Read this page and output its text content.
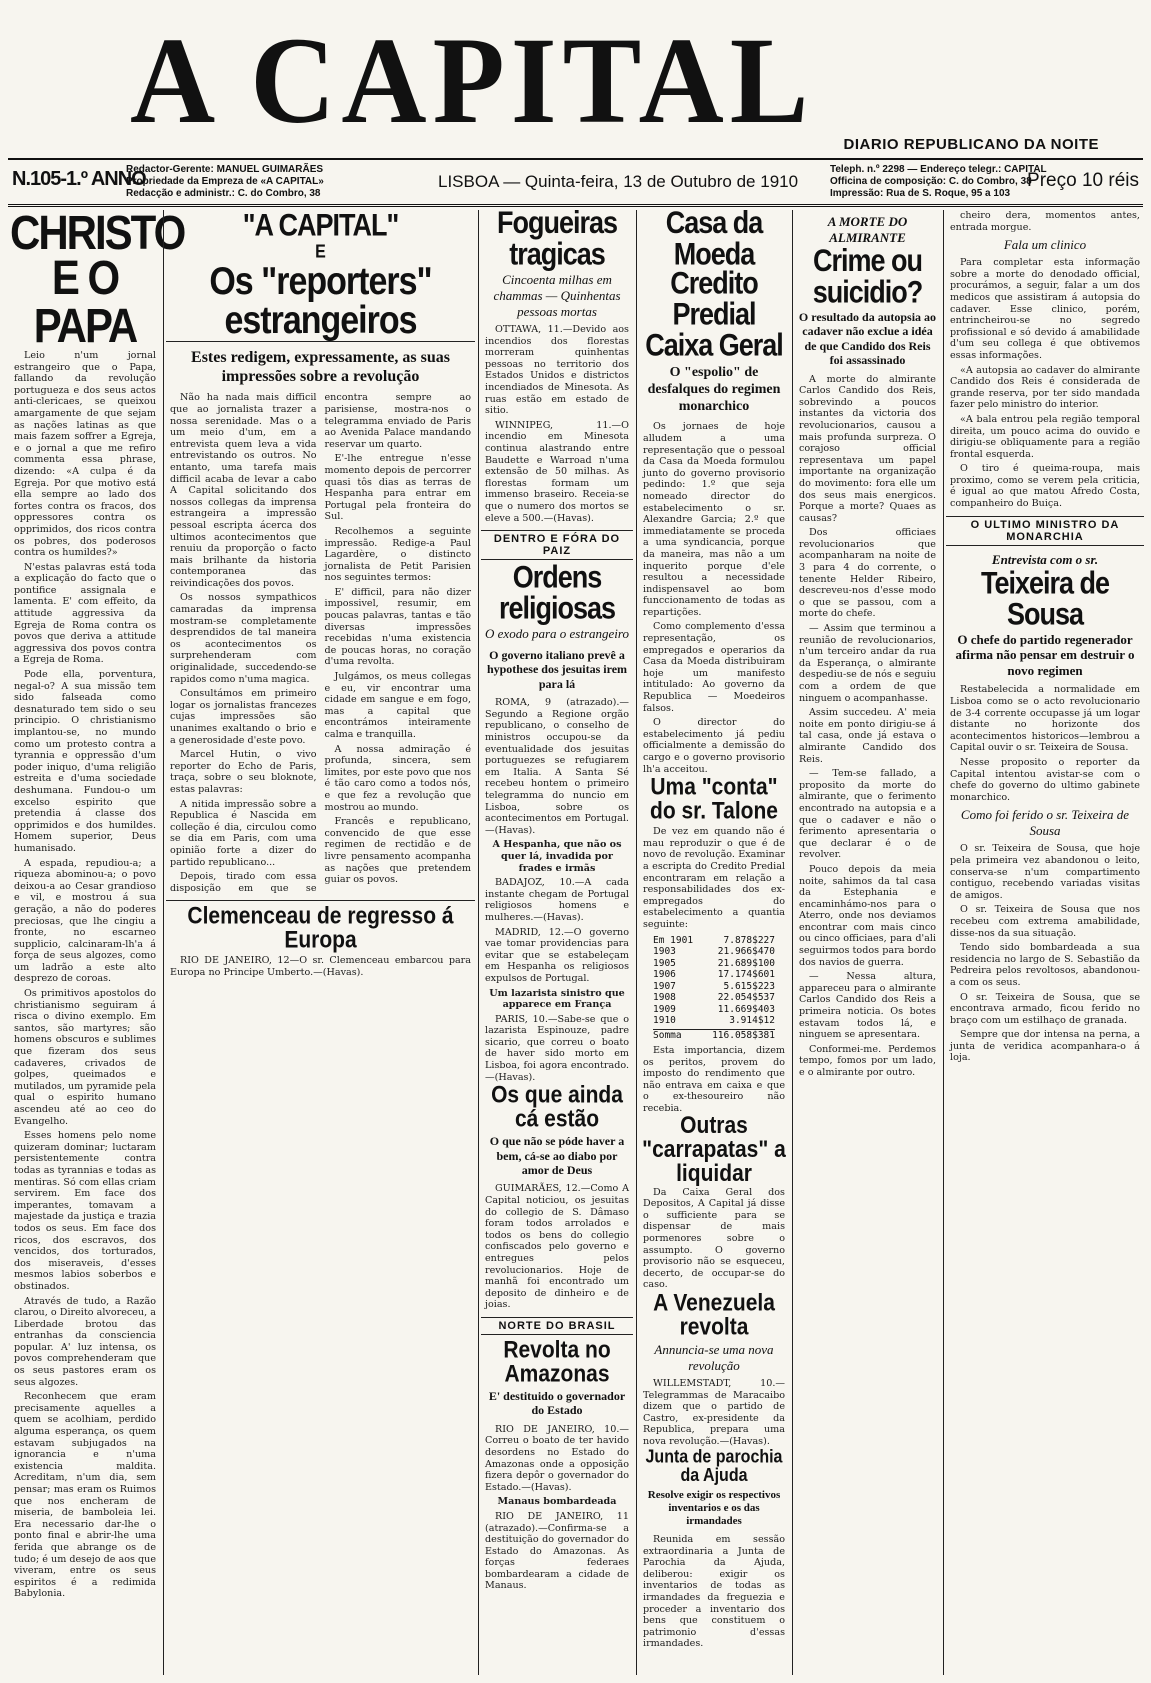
A CAPITAL DIARIO REPUBLICANO DA NOITE
N.105-1.º ANNO
Redactor-Gerente: MANUEL GUIMARÃES
Propriedade da Empreza de «A CAPITAL»
Redacção e administr.: C. do Combro, 38
LISBOA — Quinta-feira, 13 de Outubro de 1910
Teleph. n.º 2298 — Endereço telegr.: CAPITAL
Officina de composição: C. do Combro, 38
Impressão: Rua de S. Roque, 95 a 103
Preço 10 réis
CHRISTO
E O PAPA

Leio n'um jornal estrangeiro que o Papa, fallando da revolução portugueza e dos seus actos anti-clericaes, se queixou amargamente de que sejam as nações latinas as que mais fazem soffrer a Egreja, e o jornal a que me refiro commenta essa phrase, dizendo: «A culpa é da Egreja. Por que motivo está ella sempre ao lado dos fortes contra os fracos, dos oppressores contra os opprimidos, dos ricos contra os pobres, dos poderosos contra os humildes?»

N'estas palavras está toda a explicação do facto que o pontifice assignala e lamenta. E' com effeito, da attitude aggressiva da Egreja de Roma contra os povos que deriva a attitude aggressiva dos povos contra a Egreja de Roma.

Pode ella, porventura, negal-o? A sua missão tem sido falseada como desnaturado tem sido o seu principio. O christianismo implantou-se, no mundo como um protesto contra a tyrannia e oppressão d'um poder iniquo, d'uma religião estreita e d'uma sociedade deshumana. Fundou-o um excelso espirito que pretendia á classe dos opprimidos e dos humildes. Homem superior, Deus humanisado.

A espada, repudiou-a; a riqueza abominou-a; o povo deixou-a ao Cesar grandioso e vil, e mostrou á sua geração, a não do poderes preciosas, que lhe cingiu a fronte, no escarneo supplicio, calcinaram-lh'a á força de seus algozes, como um ladrão a este alto desprezo de coroas.

Os primitivos apostolos do christianismo seguiram á risca o divino exemplo. Em santos, são martyres; são homens obscuros e sublimes que fizeram dos seus cadaveres, crivados de golpes, queimados e mutilados, um pyramide pela qual o espirito humano ascendeu até ao ceo do Evangelho.

Esses homens pelo nome quizeram dominar; luctaram persistentemente contra todas as tyrannias e todas as mentiras. Só com ellas criam servirem. Em face dos imperantes, tomavam a majestade da justiça e trazia todos os seus. Em face dos ricos, dos escravos, dos vencidos, dos torturados, dos miseraveis, d'esses mesmos labios soberbos e obstinados.

Através de tudo, a Razão clarou, o Direito alvoreceu, a Liberdade brotou das entranhas da consciencia popular. A' luz intensa, os povos comprehenderam que os seus pastores eram os seus algozes.

Reconhecem que eram precisamente aquelles a quem se acolhiam, perdido alguma esperança, os quem estavam subjugados na ignorancia e n'uma existencia maldita. Acreditam, n'um dia, sem pensar; mas eram os Ruimos que nos encheram de miseria, de bamboleia lei. Era necessario dar-lhe o ponto final e abrir-lhe uma ferida que abrange os de tudo; é um desejo de aos que viveram, entre os seus espiritos é a redimida Babylonia.

"A CAPITAL"
E
Os "reporters" estrangeiros
Estes redigem, expressamente, as suas impressões sobre a revolução

Não ha nada mais difficil que ao jornalista trazer a nossa serenidade. Mas o a um meio d'um, em a entrevista quem leva a vida entrevistando os outros. No entanto, uma tarefa mais difficil acaba de levar a cabo A Capital solicitando dos nossos collegas da imprensa estrangeira a impressão pessoal escripta ácerca dos ultimos acontecimentos que renuiu da proporção o facto mais brilhante da historia contemporanea das reivindicações dos povos.

Os nossos sympathicos camaradas da imprensa mostram-se completamente desprendidos de tal maneira os acontecimentos os surprehenderam com originalidade, succedendo-se rapidos como n'uma magica.

Consultámos em primeiro logar os jornalistas francezes cujas impressões são unanimes exaltando o brio e a generosidade d'este povo.

Marcel Hutin, o vivo reporter do Echo de Paris, traça, sobre o seu bloknote, estas palavras:

A nitida impressão sobre a Republica é Nascida em colleção é dia, circulou como se dia em Paris, com uma opinião forte a dizer do partido republicano...

Depois, tirado com essa disposição em que se encontra sempre ao parisiense, mostra-nos o telegramma enviado de Paris ao Avenida Palace mandando reservar um quarto.

E'-lhe entregue n'esse momento depois de percorrer quasi tôs dias as terras de Hespanha para entrar em Portugal pela fronteira do Sul.

Recolhemos a seguinte impressão. Redige-a Paul Lagardère, o distincto jornalista de Petit Parisien nos seguintes termos:

E' difficil, para não dizer impossivel, resumir, em poucas palavras, tantas e tão diversas impressões recebidas n'uma existencia de poucas horas, no coração d'uma revolta.

Julgámos, os meus collegas e eu, vir encontrar uma cidade em sangue e em fogo, mas a capital que encontrámos inteiramente calma e tranquilla.

A nossa admiração é profunda, sincera, sem limites, por este povo que nos é tão caro como a todos nós, e que fez a revolução que mostrou ao mundo.

Francês e republicano, convencido de que esse regimen de rectidão e de livre pensamento acompanha as nações que pretendem guiar os povos.

Clemenceau de regresso á Europa

RIO DE JANEIRO, 12—O sr. Clemenceau embarcou para Europa no Principe Umberto.—(Havas).

Fogueiras tragicas
Cincoenta milhas em chammas — Quinhentas pessoas mortas

OTTAWA, 11.—Devido aos incendios dos florestas morreram quinhentas pessoas no territorio dos Estados Unidos e districtos incendiados de Minesota. As ruas estão em estado de sitio.

WINNIPEG, 11.—O incendio em Minesota continua alastrando entre Baudette e Warroad n'uma extensão de 50 milhas. As florestas formam um immenso braseiro. Receia-se que o numero dos mortos se eleve a 500.—(Havas).

DENTRO E FÓRA DO PAIZ
Ordens religiosas
O exodo para o estrangeiro
O governo italiano prevê a hypothese dos jesuitas irem para lá

ROMA, 9 (atrazado).—Segundo a Regione orgão republicano, o conselho de ministros occupou-se da eventualidade dos jesuitas portuguezes se refugiarem em Italia. A Santa Sé recebeu hontem o primeiro telegramma do nuncio em Lisboa, sobre os acontecimentos em Portugal.—(Havas).

A Hespanha, que não os quer lá, invadida por frades e irmãs

BADAJOZ, 10.—A cada instante chegam de Portugal religiosos homens e mulheres.—(Havas).

MADRID, 12.—O governo vae tomar providencias para evitar que se estabeleçam em Hespanha os religiosos expulsos de Portugal.

Um lazarista sinistro que apparece em França

PARIS, 10.—Sabe-se que o lazarista Espinouze, padre sicario, que correu o boato de haver sido morto em Lisboa, foi agora encontrado.—(Havas).

Os que ainda cá estão
O que não se póde haver a bem, cá-se ao diabo por amor de Deus

GUIMARÃES, 12.—Como A Capital noticiou, os jesuitas do collegio de S. Dâmaso foram todos arrolados e todos os bens do collegio confiscados pelo governo e entregues pelos revolucionarios. Hoje de manhã foi encontrado um deposito de dinheiro e de joias.

NORTE DO BRASIL
Revolta no Amazonas
E' destituido o governador do Estado

RIO DE JANEIRO, 10.—Correu o boato de ter havido desordens no Estado do Amazonas onde a opposição fizera depôr o governador do Estado.—(Havas).

Manaus bombardeada

RIO DE JANEIRO, 11 (atrazado).—Confirma-se a destituição do governador do Estado do Amazonas. As forças federaes bombardearam a cidade de Manaus.

Casa da Moeda
Credito Predial
Caixa Geral
O "espolio" de desfalques do regimen monarchico

Os jornaes de hoje alludem a uma representação que o pessoal da Casa da Moeda formulou junto do governo provisorio pedindo: 1.º que seja nomeado director do estabelecimento o sr. Alexandre Garcia; 2.º que immediatamente se proceda a uma syndicancia, porque da maneira, mas não a um inquerito porque d'ele resultou a necessidade indispensavel ao bom funccionamento de todas as repartições.

Como complemento d'essa representação, os empregados e operarios da Casa da Moeda distribuiram hoje um manifesto intitulado: Ao governo da Republica — Moedeiros falsos.

O director do estabelecimento já pediu officialmente a demissão do cargo e o governo provisorio lh'a acceitou.

Uma "conta" do sr. Talone

De vez em quando não é mau reproduzir o que é de novo de revolução. Examinar a escripta do Credito Predial encontraram em relação a responsabilidades dos ex-empregados do estabelecimento a quantia seguinte:

Em 1901	7.878$227
1903	21.966$470
1905	21.689$100
1906	17.174$601
1907	5.615$223
1908	22.054$537
1909	11.669$403
1910	3.914$12
Somma	116.058$381

Esta importancia, dizem os peritos, provem do imposto do rendimento que não entrava em caixa e que o ex-thesoureiro não recebia.

Outras "carrapatas" a liquidar

Da Caixa Geral dos Depositos, A Capital já disse o sufficiente para se dispensar de mais pormenores sobre o assumpto. O governo provisorio não se esqueceu, decerto, de occupar-se do caso.

A Venezuela revolta
Annuncia-se uma nova revolução

WILLEMSTADT, 10.—Telegrammas de Maracaibo dizem que o partido de Castro, ex-presidente da Republica, prepara uma nova revolução.—(Havas).

Junta de parochia da Ajuda
Resolve exigir os respectivos inventarios e os das irmandades

Reunida em sessão extraordinaria a Junta de Parochia da Ajuda, deliberou: exigir os inventarios de todas as irmandades da freguezia e proceder a inventario dos bens que constituem o patrimonio d'essas irmandades.

A MORTE DO ALMIRANTE
Crime ou suicidio?
O resultado da autopsia ao cadaver não exclue a idéa de que Candido dos Reis foi assassinado

A morte do almirante Carlos Candido dos Reis, sobrevindo a poucos instantes da victoria dos revolucionarios, causou a mais profunda surpreza. O corajoso official representava um papel importante na organização do movimento: fora elle um dos seus mais energicos. Porque a morte? Quaes as causas?

Dos officiaes revolucionarios que acompanharam na noite de 3 para 4 do corrente, o tenente Helder Ribeiro, descreveu-nos d'esse modo o que se passou, com a morte do chefe.

— Assim que terminou a reunião de revolucionarios, n'um terceiro andar da rua da Esperança, o almirante despediu-se de nós e seguiu com a ordem de que ninguem o acompanhasse.

Assim succedeu. A' meia noite em ponto dirigiu-se á tal casa, onde já estava o almirante Candido dos Reis.

— Tem-se fallado, a proposito da morte do almirante, que o ferimento encontrado na autopsia e a que o cadaver e não o ferimento apresentaria o que declarar é o de revolver.

Pouco depois da meia noite, sahimos da tal casa da Estephania e encaminhámo-nos para o Aterro, onde nos deviamos encontrar com mais cinco ou cinco officiaes, para d'ali seguirmos todos para bordo dos navios de guerra.

— Nessa altura, appareceu para o almirante Carlos Candido dos Reis a primeira noticia. Os botes estavam todos lá, e ninguem se apresentara.

Conformei-me. Perdemos tempo, fomos por um lado, e o almirante por outro.

cheiro dera, momentos antes, entrada morgue.

Fala um clinico

Para completar esta informação sobre a morte do denodado official, procurámos, a seguir, falar a um dos medicos que assistiram á autopsia do cadaver. Esse clinico, porém, entrincheirou-se no segredo profissional e só devido á amabilidade d'um seu collega é que obtivemos essas informações.

«A autopsia ao cadaver do almirante Candido dos Reis é considerada de grande reserva, por ter sido mandada fazer pelo ministro do interior.

«A bala entrou pela região temporal direita, um pouco acima do ouvido e dirigiu-se obliquamente para a região frontal esquerda.

O tiro é queima-roupa, mais proximo, como se verem pela criticia, é igual ao que matou Afredo Costa, companheiro do Buiça.

O ULTIMO MINISTRO DA MONARCHIA
Entrevista com o sr.
Teixeira de Sousa
O chefe do partido regenerador afirma não pensar em destruir o novo regimen

Restabelecida a normalidade em Lisboa como se o acto revolucionario de 3-4 corrente occupasse já um logar distante no horizonte dos acontecimentos historicos—lembrou a Capital ouvir o sr. Teixeira de Sousa.

Nesse proposito o reporter da Capital intentou avistar-se com o chefe do governo do ultimo gabinete monarchico.

Como foi ferido o sr. Teixeira de Sousa

O sr. Teixeira de Sousa, que hoje pela primeira vez abandonou o leito, conserva-se n'um compartimento contiguo, recebendo variadas visitas de amigos.

O sr. Teixeira de Sousa que nos recebeu com extrema amabilidade, disse-nos da sua situação.

Tendo sido bombardeada a sua residencia no largo de S. Sebastião da Pedreira pelos revoltosos, abandonou-a com os seus.

O sr. Teixeira de Sousa, que se encontrava armado, ficou ferido no braço com um estilhaço de granada.

Sempre que dor intensa na perna, a junta de veridica acompanhara-o á loja.
